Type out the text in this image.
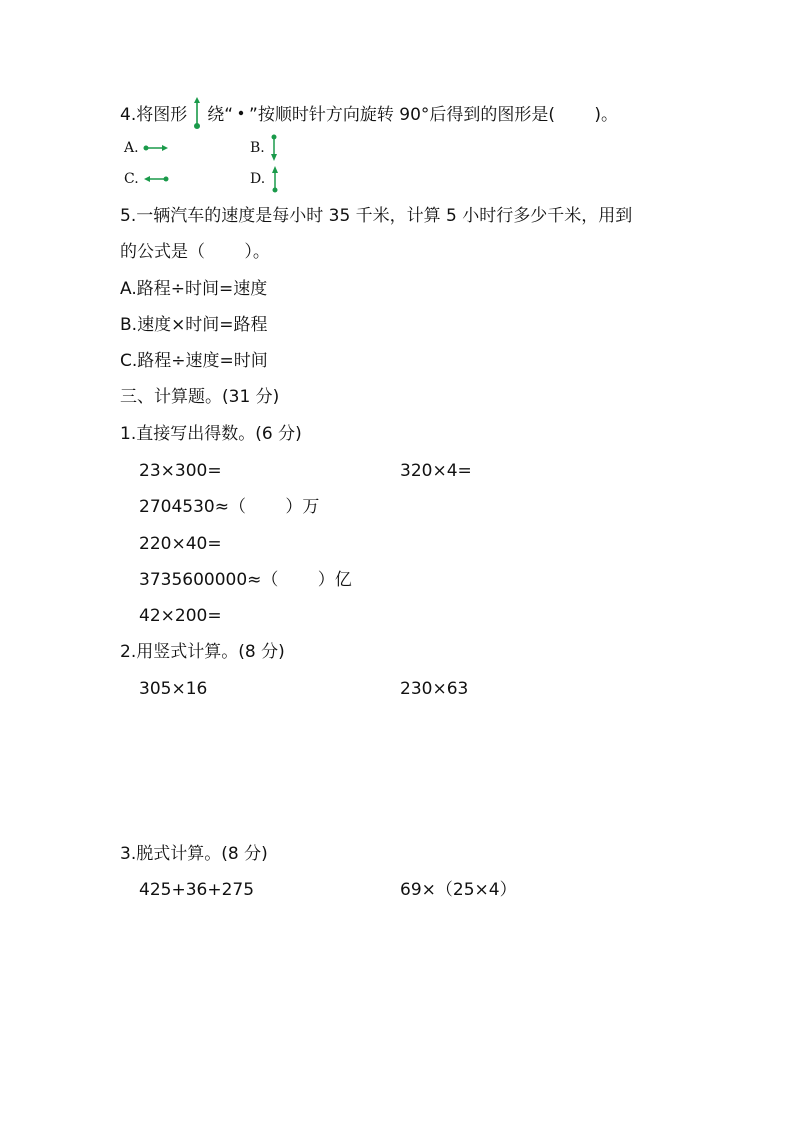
4.将图形 绕“ ”按顺时针方向旋转 90°后得到的图形是(　　 )。
A.	B.
C.	D.
5.一辆汽车的速度是每小时 35 千米，计算 5 小时行多少千米，用到
的公式是（　　 ）。
A.路程÷时间=速度
B.速度×时间=路程
C.路程÷速度=时间
三、计算题。(31 分)
1.直接写出得数。(6 分)
23×300=	320×4=
2704530≈（　　 ）万
220×40=
3735600000≈（　　 ）亿
42×200=
2.用竖式计算。(8 分)
305×16	230×63
3.脱式计算。(8 分)
425+36+275	69×（25×4）
